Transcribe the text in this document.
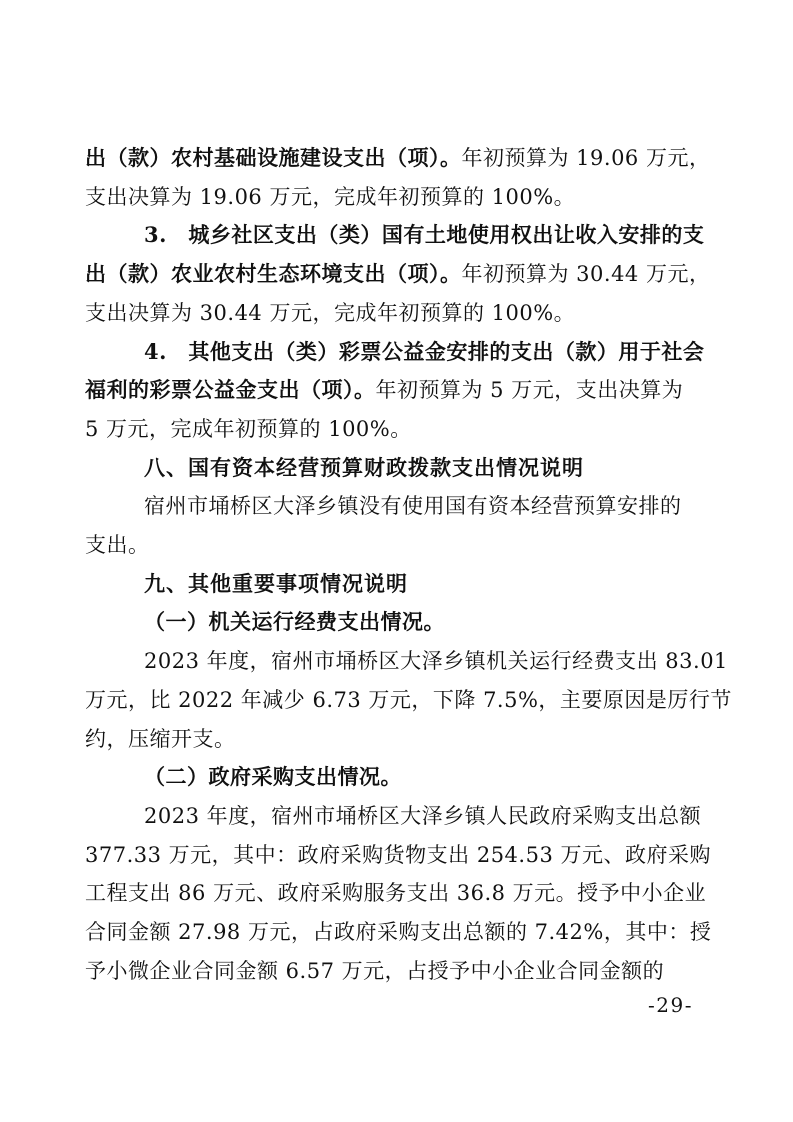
出（款）农村基础设施建设支出（项）。年初预算为 19.06 万元，
支出决算为 19.06 万元，完成年初预算的 100%。
3.　城乡社区支出（类）国有土地使用权出让收入安排的支
出（款）农业农村生态环境支出（项）。年初预算为 30.44 万元，
支出决算为 30.44 万元，完成年初预算的 100%。
4.　其他支出（类）彩票公益金安排的支出（款）用于社会
福利的彩票公益金支出（项）。年初预算为 5 万元，支出决算为
5 万元，完成年初预算的 100%。
八、国有资本经营预算财政拨款支出情况说明
宿州市埇桥区大泽乡镇没有使用国有资本经营预算安排的
支出。
九、其他重要事项情况说明
（一）机关运行经费支出情况。
2023 年度，宿州市埇桥区大泽乡镇机关运行经费支出 83.01
万元，比 2022 年减少 6.73 万元，下降 7.5%，主要原因是厉行节
约，压缩开支。
（二）政府采购支出情况。
2023 年度，宿州市埇桥区大泽乡镇人民政府采购支出总额
377.33 万元，其中：政府采购货物支出 254.53 万元、政府采购
工程支出 86 万元、政府采购服务支出 36.8 万元。授予中小企业
合同金额 27.98 万元，占政府采购支出总额的 7.42%，其中：授
予小微企业合同金额 6.57 万元，占授予中小企业合同金额的
-29-
